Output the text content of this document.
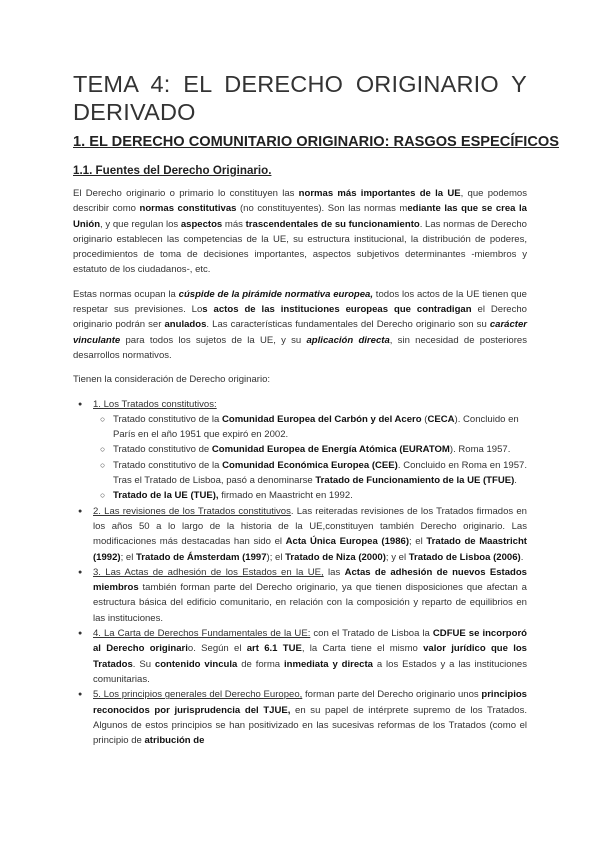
TEMA 4: EL DERECHO ORIGINARIO Y DERIVADO
1. EL DERECHO COMUNITARIO ORIGINARIO: RASGOS ESPECÍFICOS
1.1. Fuentes del Derecho Originario.

El Derecho originario o primario lo constituyen las normas más importantes de la UE, que podemos describir como normas constitutivas (no constituyentes). Son las normas mediante las que se crea la Unión, y que regulan los aspectos más trascendentales de su funcionamiento. Las normas de Derecho originario establecen las competencias de la UE, su estructura institucional, la distribución de poderes, procedimientos de toma de decisiones importantes, aspectos subjetivos determinantes -miembros y estatuto de los ciudadanos-, etc.

Estas normas ocupan la cúspide de la pirámide normativa europea, todos los actos de la UE tienen que respetar sus previsiones. Los actos de las instituciones europeas que contradigan el Derecho originario podrán ser anulados. Las características fundamentales del Derecho originario son su carácter vinculante para todos los sujetos de la UE, y su aplicación directa, sin necesidad de posteriores desarrollos normativos.

Tienen la consideración de Derecho originario:

● 1. Los Tratados constitutivos:
○ Tratado constitutivo de la Comunidad Europea del Carbón y del Acero (CECA). Concluido en París en el año 1951 que expiró en 2002.
○ Tratado constitutivo de Comunidad Europea de Energía Atómica (EURATOM). Roma 1957.
○ Tratado constitutivo de la Comunidad Económica Europea (CEE). Concluido en Roma en 1957. Tras el Tratado de Lisboa, pasó a denominarse Tratado de Funcionamiento de la UE (TFUE).
○ Tratado de la UE (TUE), firmado en Maastricht en 1992.
● 2. Las revisiones de los Tratados constitutivos. Las reiteradas revisiones de los Tratados firmados en los años 50 a lo largo de la historia de la UE,constituyen también Derecho originario. Las modificaciones más destacadas han sido el Acta Única Europea (1986); el Tratado de Maastricht (1992); el Tratado de Ámsterdam (1997); el Tratado de Niza (2000); y el Tratado de Lisboa (2006).
● 3. Las Actas de adhesión de los Estados en la UE, las Actas de adhesión de nuevos Estados miembros también forman parte del Derecho originario, ya que tienen disposiciones que afectan a estructura básica del edificio comunitario, en relación con la composición y reparto de equilibrios en las instituciones.
● 4. La Carta de Derechos Fundamentales de la UE: con el Tratado de Lisboa la CDFUE se incorporó al Derecho originario. Según el art 6.1 TUE, la Carta tiene el mismo valor jurídico que los Tratados. Su contenido vincula de forma inmediata y directa a los Estados y a las instituciones comunitarias.
● 5. Los principios generales del Derecho Europeo, forman parte del Derecho originario unos principios reconocidos por jurisprudencia del TJUE, en su papel de intérprete supremo de los Tratados. Algunos de estos principios se han positivizado en las sucesivas reformas de los Tratados (como el principio de atribución de
